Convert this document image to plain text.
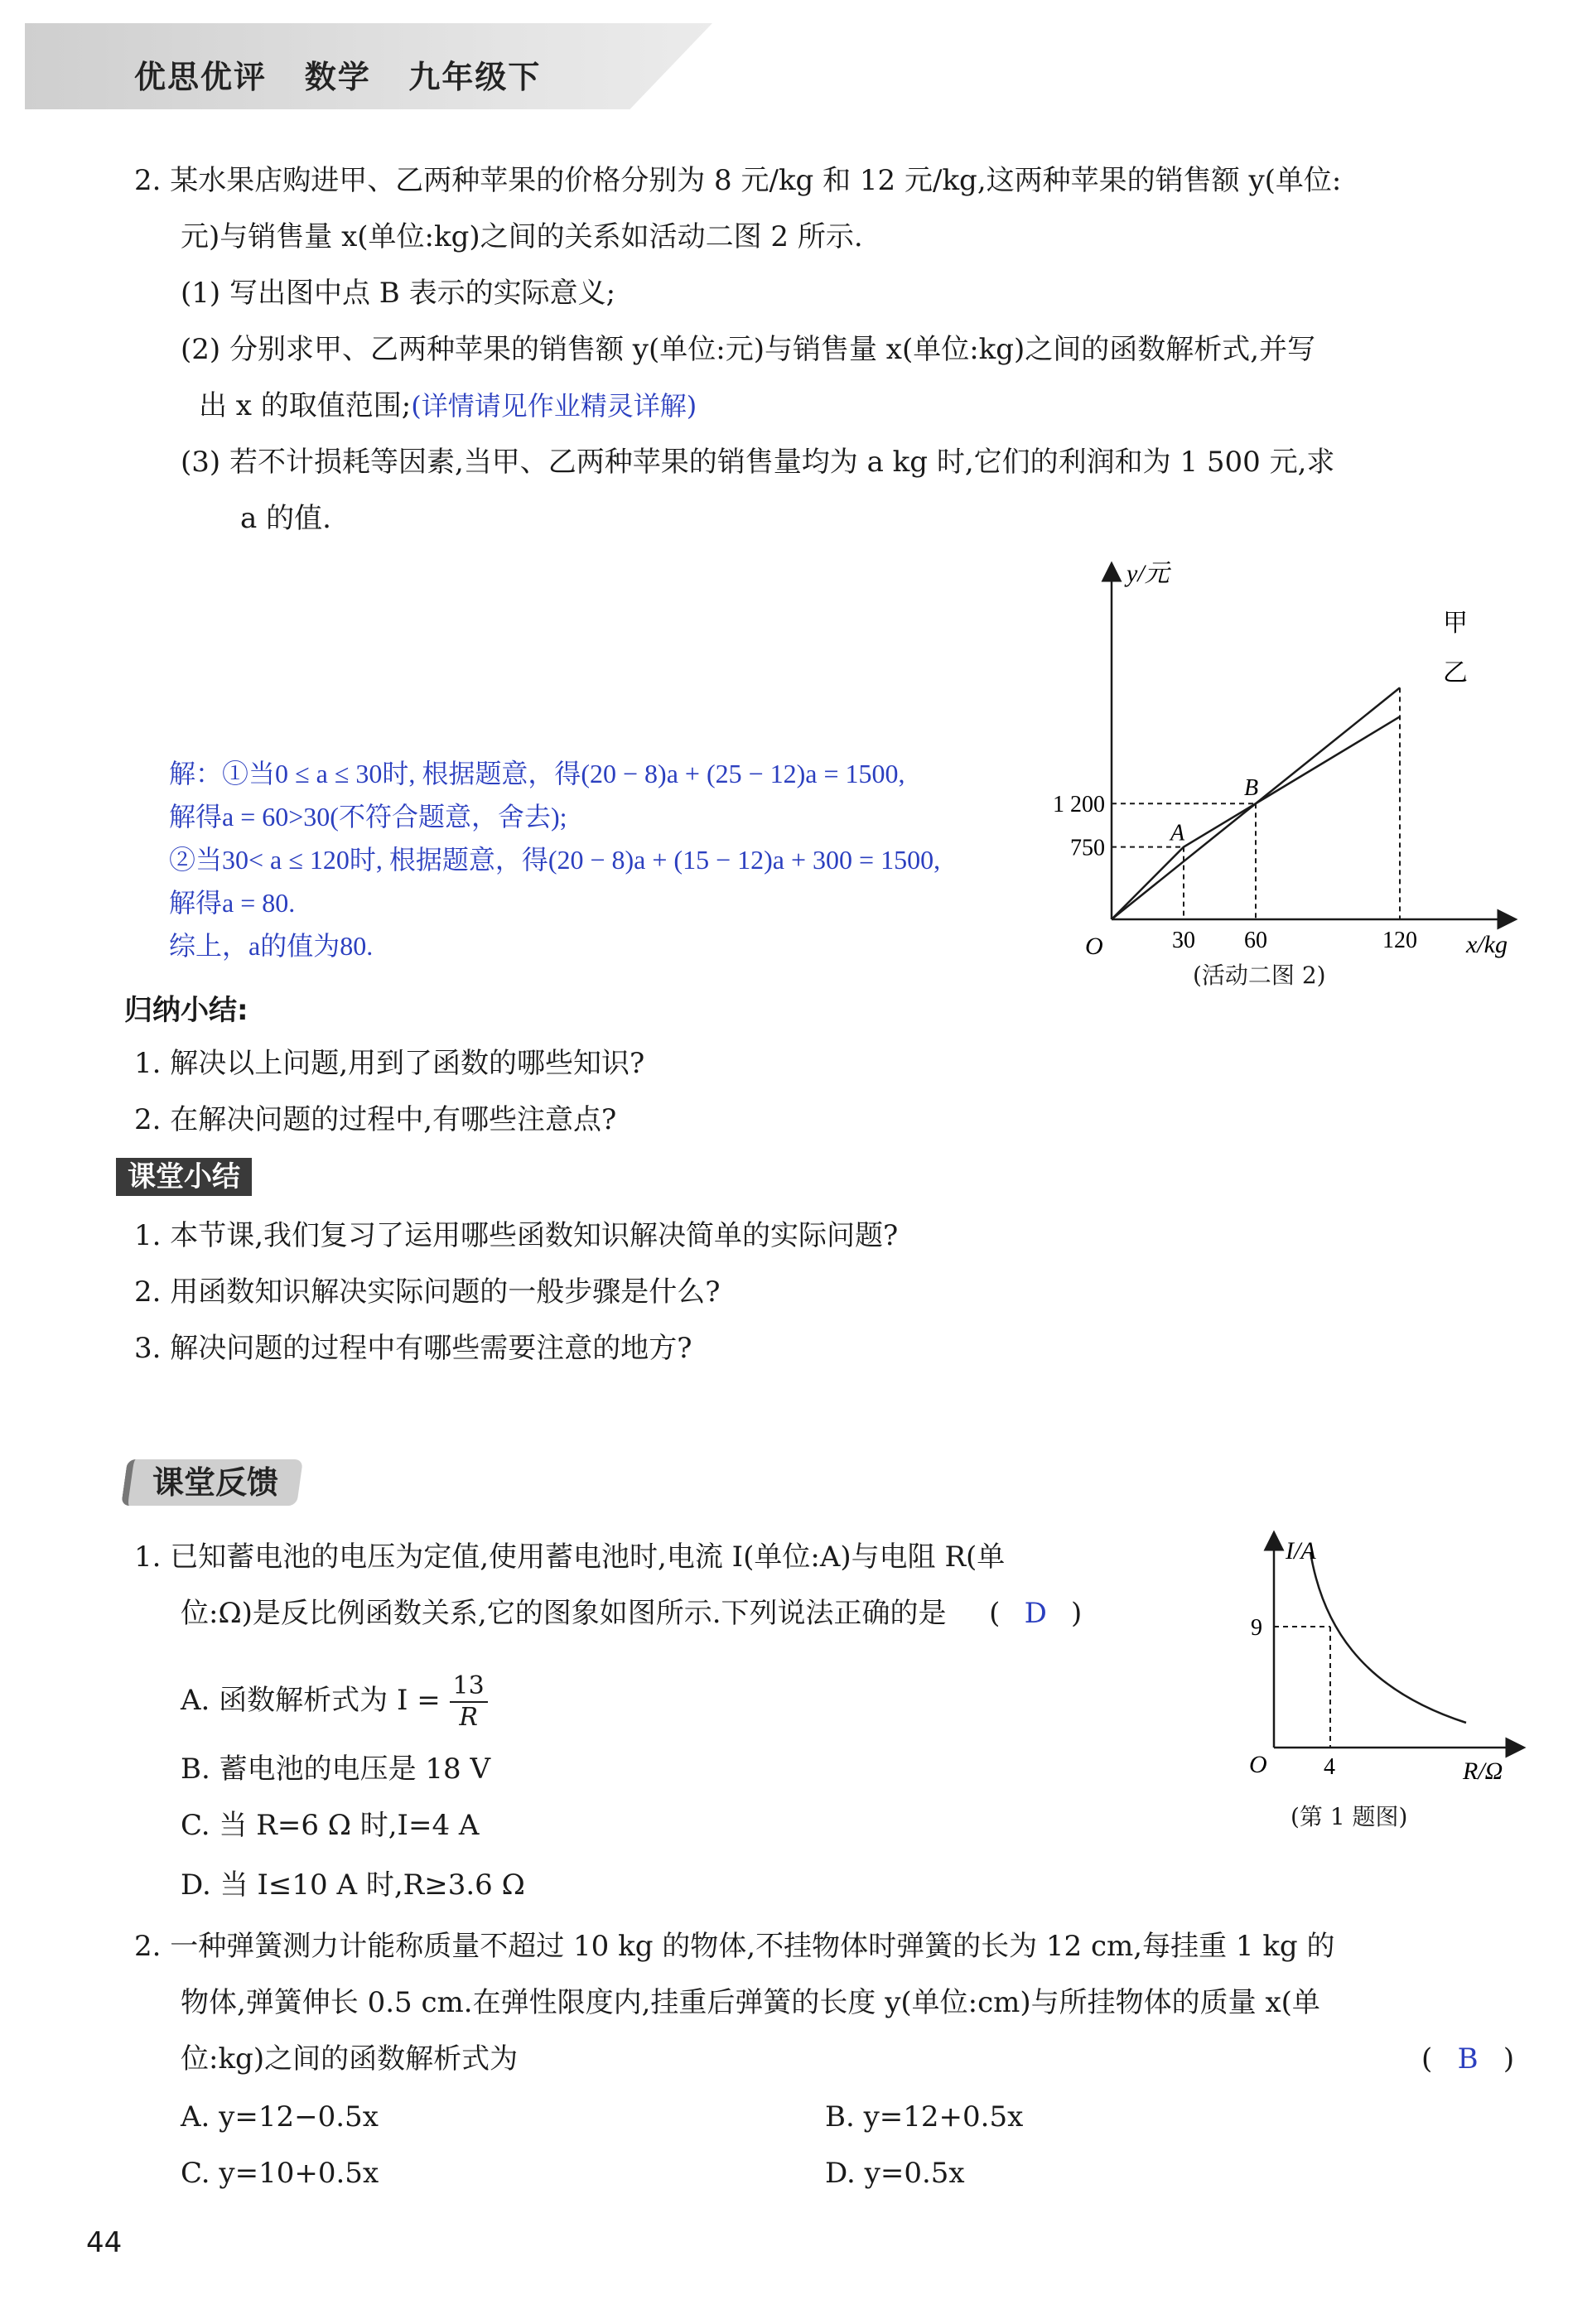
优思优评   数学   九年级下
2. 某水果店购进甲、乙两种苹果的价格分别为 8 元/kg 和 12 元/kg,这两种苹果的销售额 y(单位:
元)与销售量 x(单位:kg)之间的关系如活动二图 2 所示.
(1) 写出图中点 B 表示的实际意义;
(2) 分别求甲、乙两种苹果的销售额 y(单位:元)与销售量 x(单位:kg)之间的函数解析式,并写
出 x 的取值范围;(详情请见作业精灵详解)
(3) 若不计损耗等因素,当甲、乙两种苹果的销售量均为 a kg 时,它们的利润和为 1 500 元,求
a 的值.
解：①当0 ≤ a ≤ 30时, 根据题意，得(20 − 8)a + (25 − 12)a = 1500,
解得a = 60>30(不符合题意，舍去);
②当30< a ≤ 120时, 根据题意，得(20 − 8)a + (15 − 12)a + 300 = 1500,
解得a = 80.
综上，a的值为80.
y/元
x/kg
O
甲
乙
A
B
1 200
750
30 60	120
(活动二图 2)
归纳小结:
1. 解决以上问题,用到了函数的哪些知识?
2. 在解决问题的过程中,有哪些注意点?
课堂小结
1. 本节课,我们复习了运用哪些函数知识解决简单的实际问题?
2. 用函数知识解决实际问题的一般步骤是什么?
3. 解决问题的过程中有哪些需要注意的地方?
课堂反馈
1. 已知蓄电池的电压为定值,使用蓄电池时,电流 I(单位:A)与电阻 R(单
位:Ω)是反比例函数关系,它的图象如图所示.下列说法正确的是 ( D )
A. 函数解析式为 $I = \frac{13}{R}$
B. 蓄电池的电压是 18 V
C. 当 R=6 Ω 时,I=4 A
D. 当 I≤10 A 时,R≥3.6 Ω
I/A
R/Ω
O
9
4
(第 1 题图)
2. 一种弹簧测力计能称质量不超过 10 kg 的物体,不挂物体时弹簧的长为 12 cm,每挂重 1 kg 的
物体,弹簧伸长 0.5 cm.在弹性限度内,挂重后弹簧的长度 y(单位:cm)与所挂物体的质量 x(单
位:kg)之间的函数解析式为	( B )
A. y=12−0.5x	B. y=12+0.5x
C. y=10+0.5x	D. y=0.5x
44
